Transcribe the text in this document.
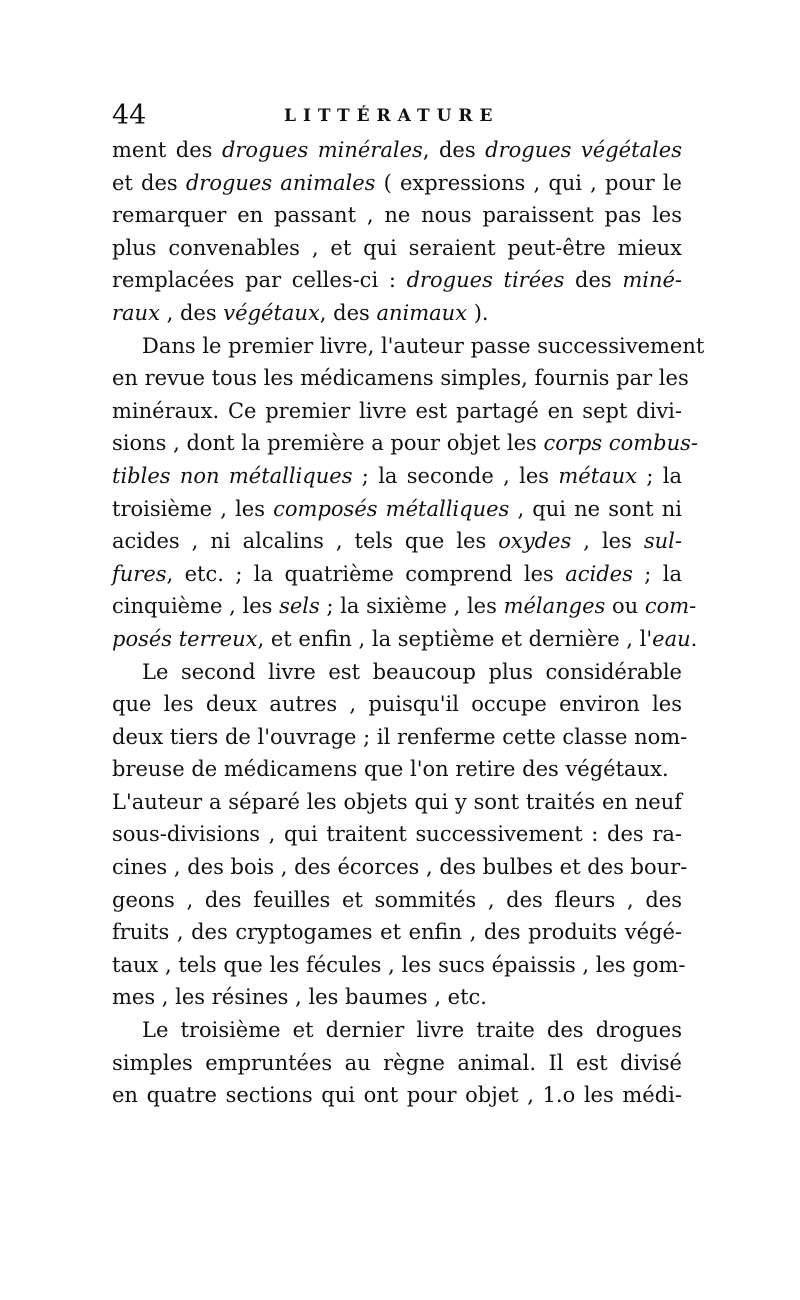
44	LITTÉRATURE
ment des drogues minérales, des drogues végétales
et des drogues animales ( expressions , qui , pour le
remarquer en passant , ne nous paraissent pas les
plus convenables , et qui seraient peut-être mieux
remplacées par celles-ci : drogues tirées des miné-
raux , des végétaux, des animaux ).
Dans le premier livre, l'auteur passe successivement
en revue tous les médicamens simples, fournis par les
minéraux. Ce premier livre est partagé en sept divi-
sions , dont la première a pour objet les corps combus-
tibles non métalliques ; la seconde , les métaux ; la
troisième , les composés métalliques , qui ne sont ni
acides , ni alcalins , tels que les oxydes , les sul-
fures, etc. ; la quatrième comprend les acides ; la
cinquième , les sels ; la sixième , les mélanges ou com-
posés terreux, et enfin , la septième et dernière , l'eau.
Le second livre est beaucoup plus considérable
que les deux autres , puisqu'il occupe environ les
deux tiers de l'ouvrage ; il renferme cette classe nom-
breuse de médicamens que l'on retire des végétaux.
L'auteur a séparé les objets qui y sont traités en neuf
sous-divisions , qui traitent successivement : des ra-
cines , des bois , des écorces , des bulbes et des bour-
geons , des feuilles et sommités , des fleurs , des
fruits , des cryptogames et enfin , des produits végé-
taux , tels que les fécules , les sucs épaissis , les gom-
mes , les résines , les baumes , etc.
Le troisième et dernier livre traite des drogues
simples empruntées au règne animal. Il est divisé
en quatre sections qui ont pour objet , 1.o les médi-
